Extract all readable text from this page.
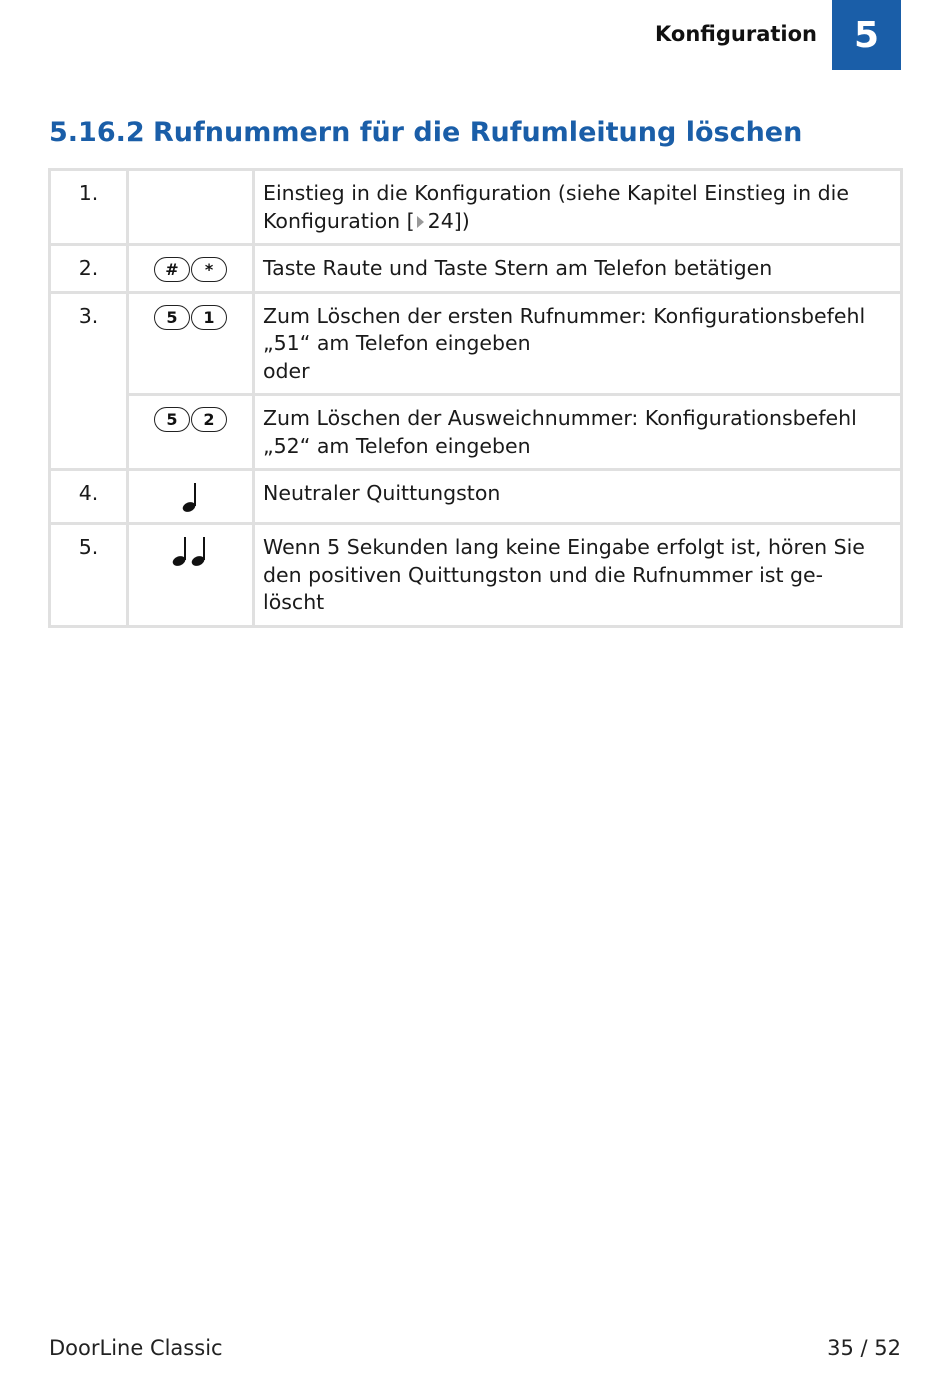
Konfiguration	5
5.16.2 Rufnummern für die Rufumleitung löschen
1.		Einstieg in die Konfiguration (siehe Kapitel Einstieg in die
Konfiguration [ 24])

2.	# *	Taste Raute und Taste Stern am Telefon betätigen

3.	5 1	Zum Löschen der ersten Rufnummer: Konfigurationsbefehl
„51“ am Telefon eingeben
oder

5 2	Zum Löschen der Ausweichnummer: Konfigurationsbefehl
„52“ am Telefon eingeben

4.		Neutraler Quittungston

5.		Wenn 5 Sekunden lang keine Eingabe erfolgt ist, hören Sie
den positiven Quittungston und die Rufnummer ist ge-
löscht
DoorLine Classic	35 / 52
